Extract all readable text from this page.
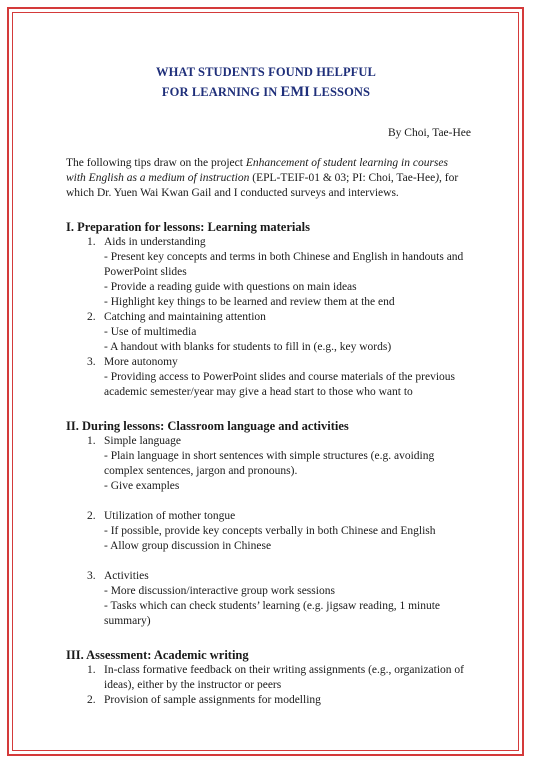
WHAT STUDENTS FOUND HELPFUL
FOR LEARNING IN EMI LESSONS
By Choi, Tae-Hee
The following tips draw on the project Enhancement of student learning in courses with English as a medium of instruction (EPL-TEIF-01 & 03; PI: Choi, Tae-Hee), for which Dr. Yuen Wai Kwan Gail and I conducted surveys and interviews.
I. Preparation for lessons: Learning materials
1. Aids in understanding
- Present key concepts and terms in both Chinese and English in handouts and PowerPoint slides
- Provide a reading guide with questions on main ideas
- Highlight key things to be learned and review them at the end
2. Catching and maintaining attention
- Use of multimedia
- A handout with blanks for students to fill in (e.g., key words)
3. More autonomy
- Providing access to PowerPoint slides and course materials of the previous academic semester/year may give a head start to those who want to
II. During lessons: Classroom language and activities
1. Simple language
- Plain language in short sentences with simple structures (e.g. avoiding complex sentences, jargon and pronouns).
- Give examples
2. Utilization of mother tongue
- If possible, provide key concepts verbally in both Chinese and English
- Allow group discussion in Chinese
3. Activities
- More discussion/interactive group work sessions
- Tasks which can check students’ learning (e.g. jigsaw reading, 1 minute summary)
III. Assessment: Academic writing
1. In-class formative feedback on their writing assignments (e.g., organization of ideas), either by the instructor or peers
2. Provision of sample assignments for modelling
